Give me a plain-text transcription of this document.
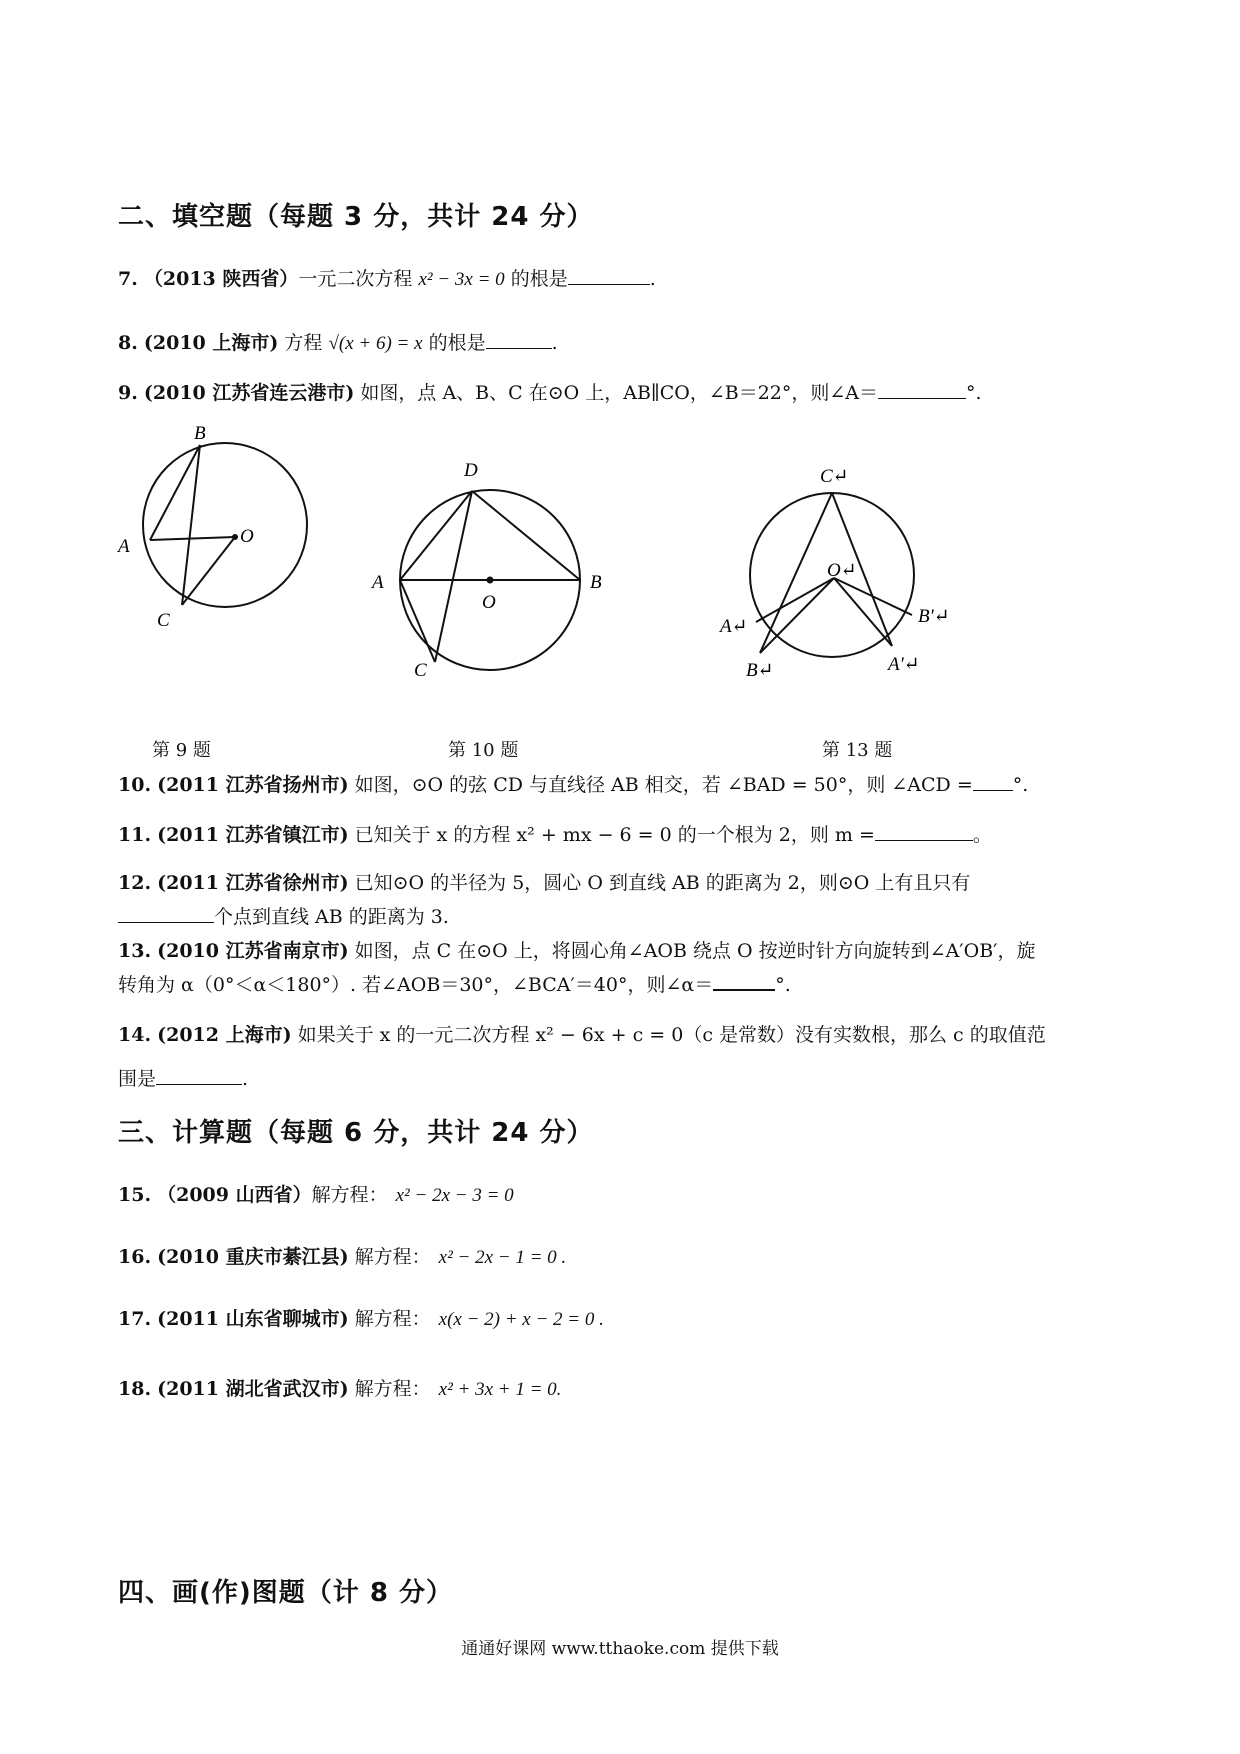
二、填空题（每题 3 分，共计 24 分）
7. （2013 陕西省）一元二次方程 x² − 3x = 0 的根是	.
8. (2010 上海市) 方程 √(x + 6) = x 的根是	.
9. (2010 江苏省连云港市) 如图，点 A、B、C 在⊙O 上，AB∥CO，∠B＝22°，则∠A＝	°.
B
A	O
C
D
A
O
B
C
C↵
O↵
A↵	B′↵
B↵	A′↵
第 9 题	第 10 题	第 13 题
10. (2011 江苏省扬州市) 如图，⊙O 的弦 CD 与直线径 AB 相交，若 ∠BAD = 50°，则 ∠ACD = °.
11. (2011 江苏省镇江市) 已知关于 x 的方程 x² + mx − 6 = 0 的一个根为 2，则 m =	。
12. (2011 江苏省徐州市) 已知⊙O 的半径为 5，圆心 O 到直线 AB 的距离为 2，则⊙O 上有且只有
个点到直线 AB 的距离为 3.
13. (2010 江苏省南京市) 如图，点 C 在⊙O 上，将圆心角∠AOB 绕点 O 按逆时针方向旋转到∠A′OB′，旋
转角为 α（0°＜α＜180°）. 若∠AOB＝30°，∠BCA′＝40°，则∠α＝	°.
14. (2012 上海市) 如果关于 x 的一元二次方程 x² − 6x + c = 0（c 是常数）没有实数根，那么 c 的取值范
围是	.
三、计算题（每题 6 分，共计 24 分）
15. （2009 山西省）解方程： x² − 2x − 3 = 0
16. (2010 重庆市綦江县) 解方程： x² − 2x − 1 = 0 .
17. (2011 山东省聊城市) 解方程： x(x − 2) + x − 2 = 0 .
18. (2011 湖北省武汉市) 解方程： x² + 3x + 1 = 0.
四、画(作)图题（计 8 分）
通通好课网 www.tthaoke.com 提供下载
